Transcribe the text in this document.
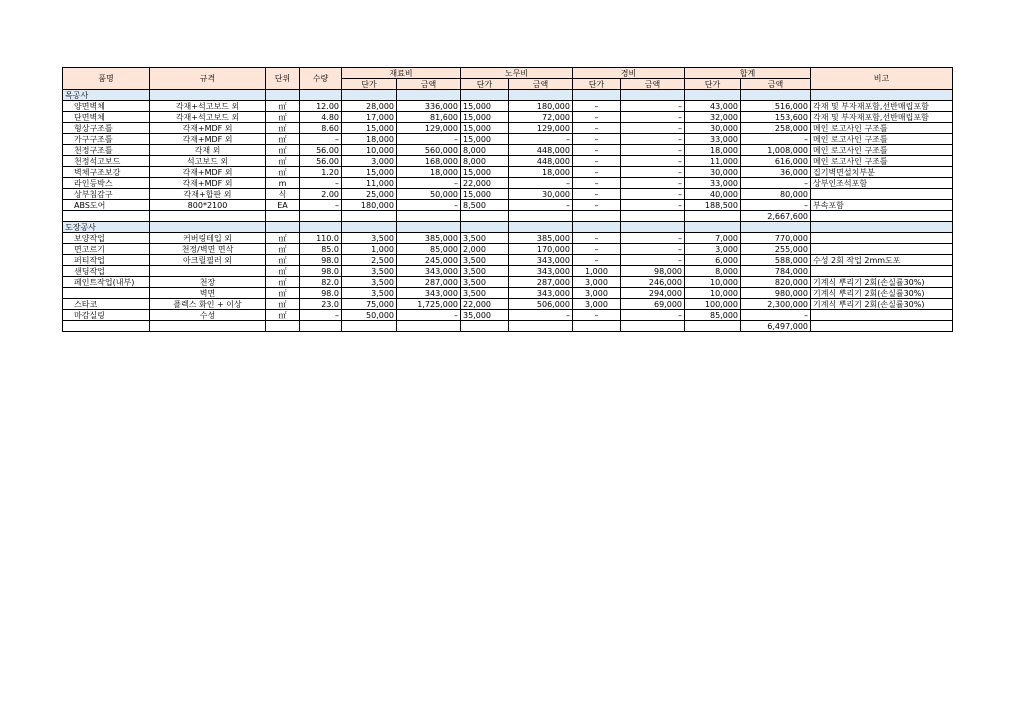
품명	규격	단위	수량	재료비		노무비		경비		합계		비고
				단가	금액	단가	금액	단가	금액	단가	금액	
목공사												
양면벽체	각재+석고보드 외	㎡	12.00	28,000	336,000	15,000	180,000	–	–	43,000	516,000	각재 및 부자재포함,선반매립포함
단면벽체	각재+석고보드 외	㎡	4.80	17,000	81,600	15,000	72,000	–	–	32,000	153,600	각재 및 부자재포함,선반매립포함
형상구조틀	각재+MDF 외	㎡	8.60	15,000	129,000	15,000	129,000	–	–	30,000	258,000	메인 로고사인 구조틀
가구구조틀	각재+MDF 외	㎡	–	18,000	–	15,000	–	–	–	33,000	–	메인 로고사인 구조틀
천정구조틀	각재 외	㎡	56.00	10,000	560,000	8,000	448,000	–	–	18,000	1,008,000	메인 로고사인 구조틀
천정석고보드	석고보드 외	㎡	56.00	3,000	168,000	8,000	448,000	–	–	11,000	616,000	메인 로고사인 구조틀
벽체구조보강	각재+MDF 외	㎡	1.20	15,000	18,000	15,000	18,000	–	–	30,000	36,000	집기벽면설치부분
라인등박스	각재+MDF 외	m	–	11,000	–	22,000	–	–	–	33,000	–	상부인조석포함
상부침감구	각재+합판 외	식	2.00	25,000	50,000	15,000	30,000	–	–	40,000	80,000	
ABS도어	800*2100	EA	–	180,000	–	8,500	–	–	–	188,500	–	부속포함
											2,667,600	
도장공사												
보양작업	커버링테입 외	㎡	110.0	3,500	385,000	3,500	385,000	–	–	7,000	770,000	
면고르기	천정/벽면 면삭	㎡	85.0	1,000	85,000	2,000	170,000	–	–	3,000	255,000	
퍼티작업	아크릴필러 외	㎡	98.0	2,500	245,000	3,500	343,000	–	–	6,000	588,000	수성 2회 작업 2mm도포
샌딩작업		㎡	98.0	3,500	343,000	3,500	343,000	1,000	98,000	8,000	784,000	
페인트작업(내부)	천장	㎡	82.0	3,500	287,000	3,500	287,000	3,000	246,000	10,000	820,000	기계식 뿌리기 2회(손실률30%)
	벽면	㎡	98.0	3,500	343,000	3,500	343,000	3,000	294,000	10,000	980,000	기계식 뿌리기 2회(손실률30%)
스타코	플렉스 화인 + 이상	㎡	23.0	75,000	1,725,000	22,000	506,000	3,000	69,000	100,000	2,300,000	기계식 뿌리기 2회(손실률30%)
마감실링	수성	㎡	–	50,000	–	35,000	–	–	–	85,000	–	
											6,497,000	
